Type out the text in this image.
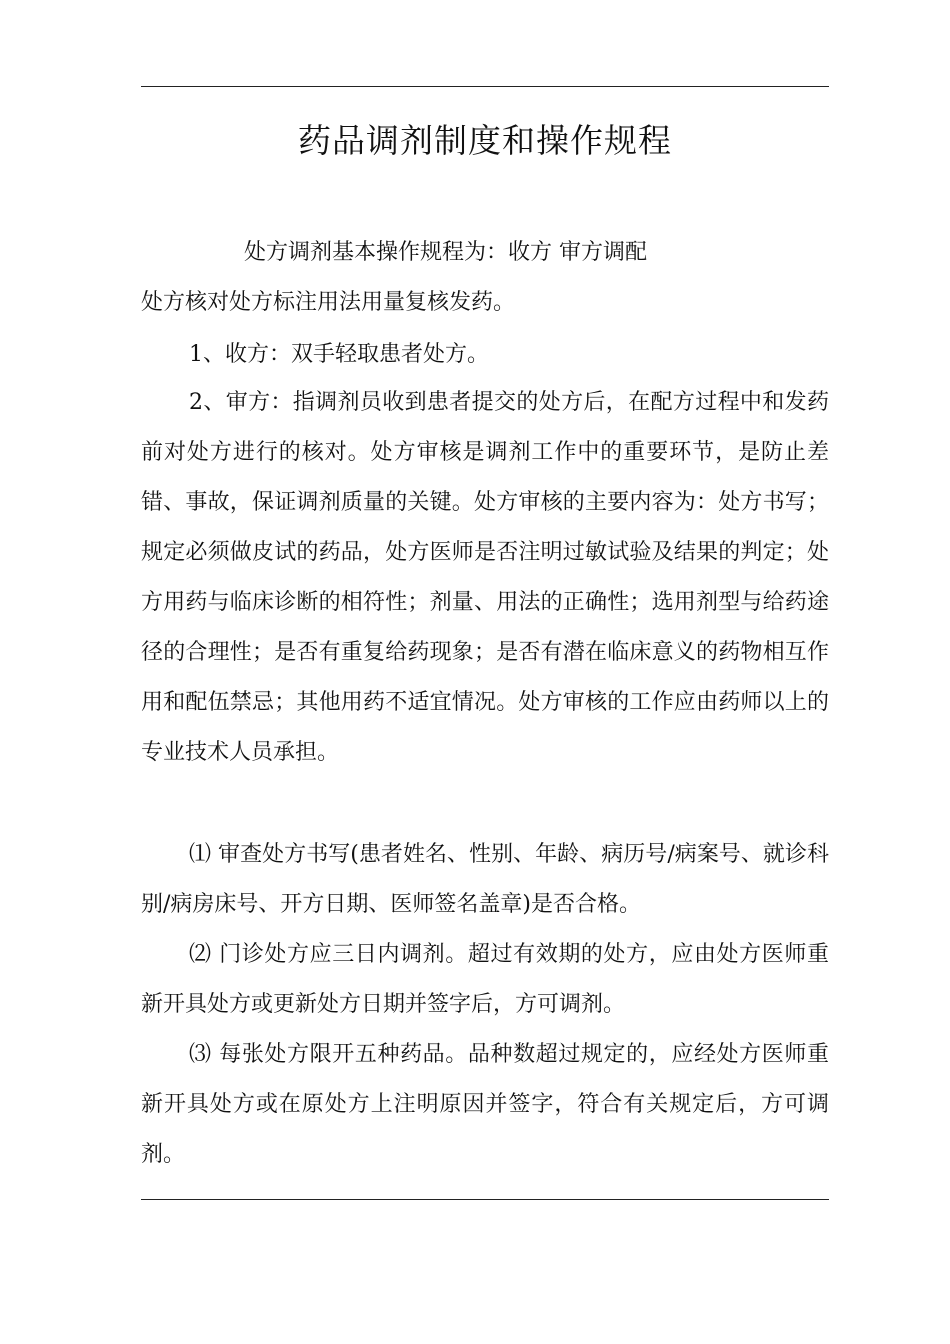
药品调剂制度和操作规程

处方调剂基本操作规程为：收方 审方调配

处方核对处方标注用法用量复核发药。

1、收方：双手轻取患者处方。

2、审方：指调剂员收到患者提交的处方后，在配方过程中和发药前对处方进行的核对。处方审核是调剂工作中的重要环节，是防止差错、事故，保证调剂质量的关键。处方审核的主要内容为：处方书写；规定必须做皮试的药品，处方医师是否注明过敏试验及结果的判定；处方用药与临床诊断的相符性；剂量、用法的正确性；选用剂型与给药途径的合理性；是否有重复给药现象；是否有潜在临床意义的药物相互作用和配伍禁忌；其他用药不适宜情况。处方审核的工作应由药师以上的专业技术人员承担。

⑴ 审查处方书写(患者姓名、性别、年龄、病历号/病案号、就诊科别/病房床号、开方日期、医师签名盖章)是否合格。

⑵ 门诊处方应三日内调剂。超过有效期的处方，应由处方医师重新开具处方或更新处方日期并签字后，方可调剂。

⑶ 每张处方限开五种药品。品种数超过规定的，应经处方医师重新开具处方或在原处方上注明原因并签字，符合有关规定后，方可调剂。
